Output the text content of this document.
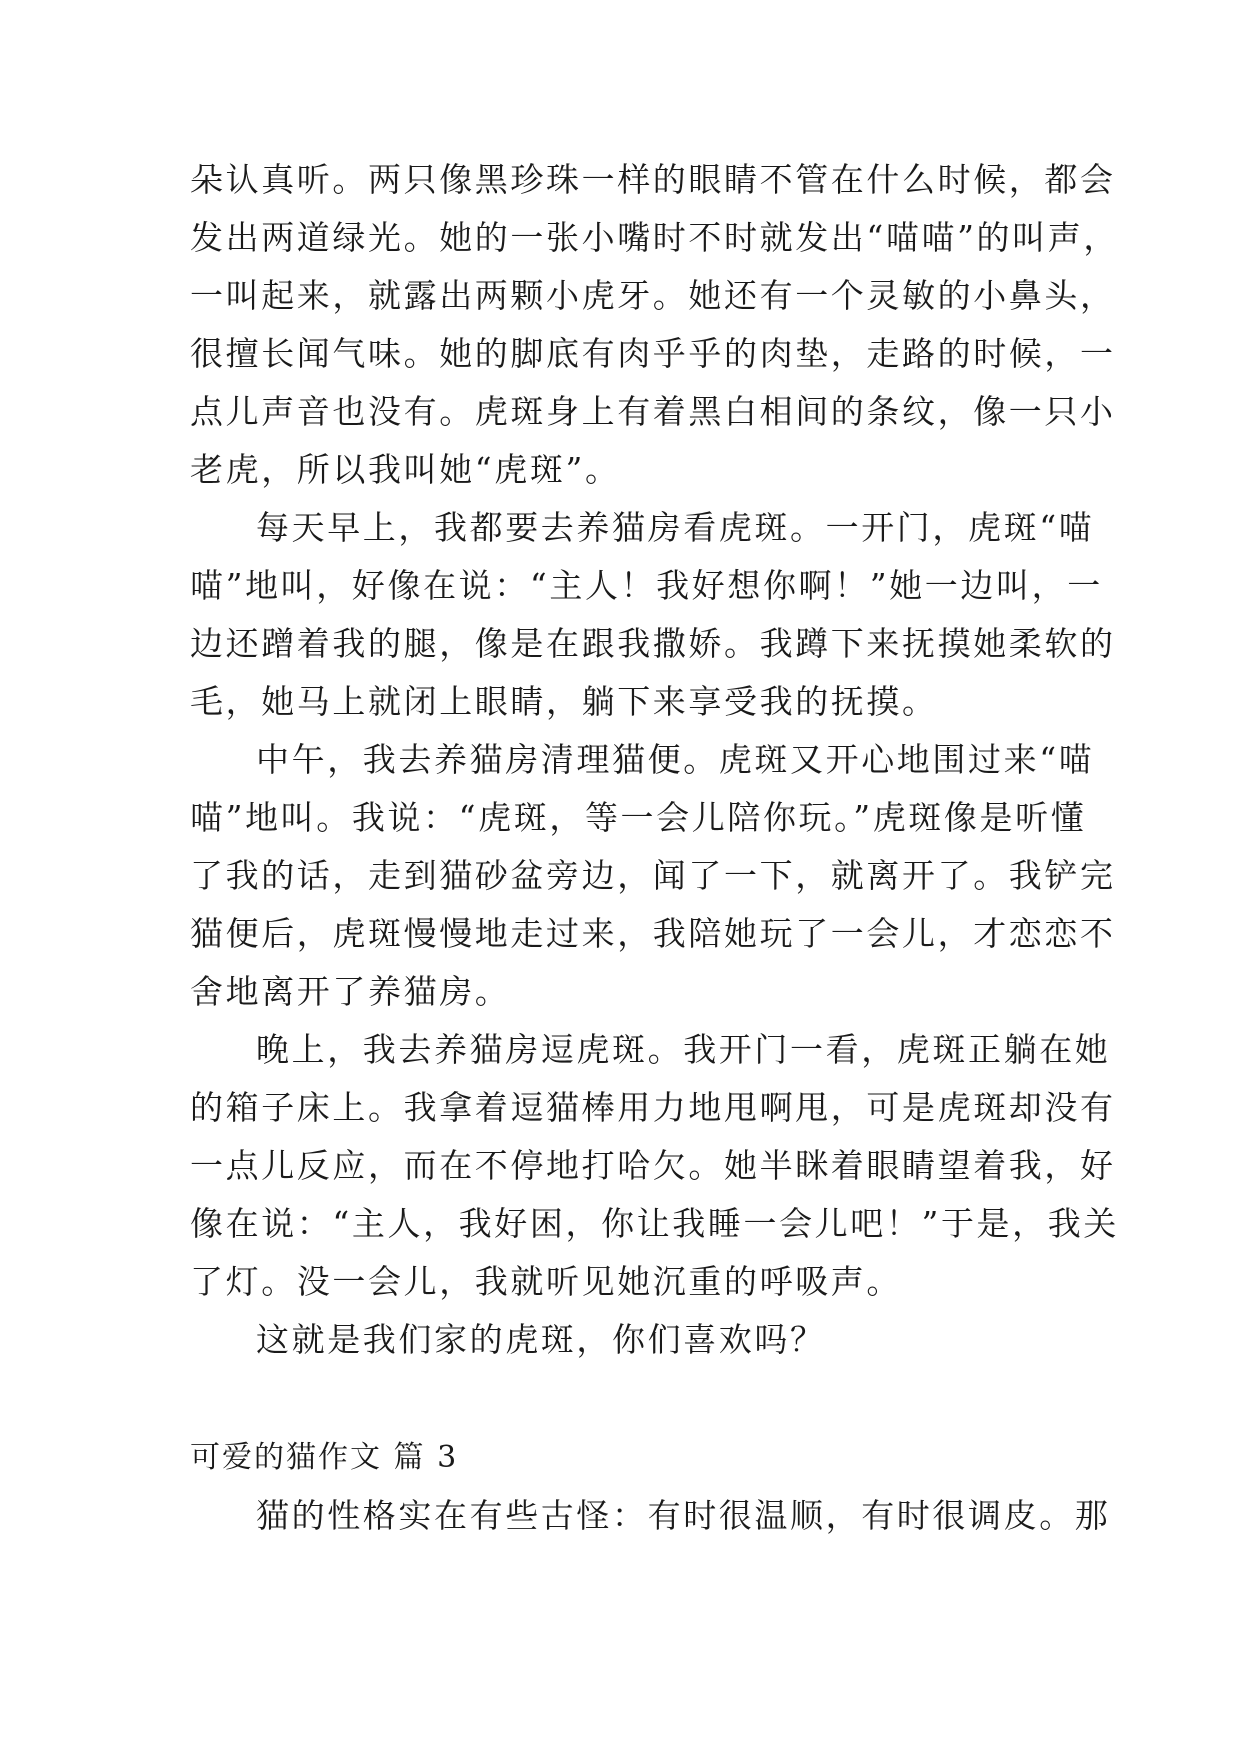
朵认真听。两只像黑珍珠一样的眼睛不管在什么时候，都会
发出两道绿光。她的一张小嘴时不时就发出“喵喵”的叫声，
一叫起来，就露出两颗小虎牙。她还有一个灵敏的小鼻头，
很擅长闻气味。她的脚底有肉乎乎的肉垫，走路的时候，一
点儿声音也没有。虎斑身上有着黑白相间的条纹，像一只小
老虎，所以我叫她“虎斑”。
每天早上，我都要去养猫房看虎斑。一开门，虎斑“喵
喵”地叫，好像在说：“主人！我好想你啊！”她一边叫，一
边还蹭着我的腿，像是在跟我撒娇。我蹲下来抚摸她柔软的
毛，她马上就闭上眼睛，躺下来享受我的抚摸。
中午，我去养猫房清理猫便。虎斑又开心地围过来“喵
喵”地叫。我说：“虎斑，等一会儿陪你玩。”虎斑像是听懂
了我的话，走到猫砂盆旁边，闻了一下，就离开了。我铲完
猫便后，虎斑慢慢地走过来，我陪她玩了一会儿，才恋恋不
舍地离开了养猫房。
晚上，我去养猫房逗虎斑。我开门一看，虎斑正躺在她
的箱子床上。我拿着逗猫棒用力地甩啊甩，可是虎斑却没有
一点儿反应，而在不停地打哈欠。她半眯着眼睛望着我，好
像在说：“主人，我好困，你让我睡一会儿吧！”于是，我关
了灯。没一会儿，我就听见她沉重的呼吸声。
这就是我们家的虎斑，你们喜欢吗？
可爱的猫作文 篇 3
猫的性格实在有些古怪：有时很温顺，有时很调皮。那
